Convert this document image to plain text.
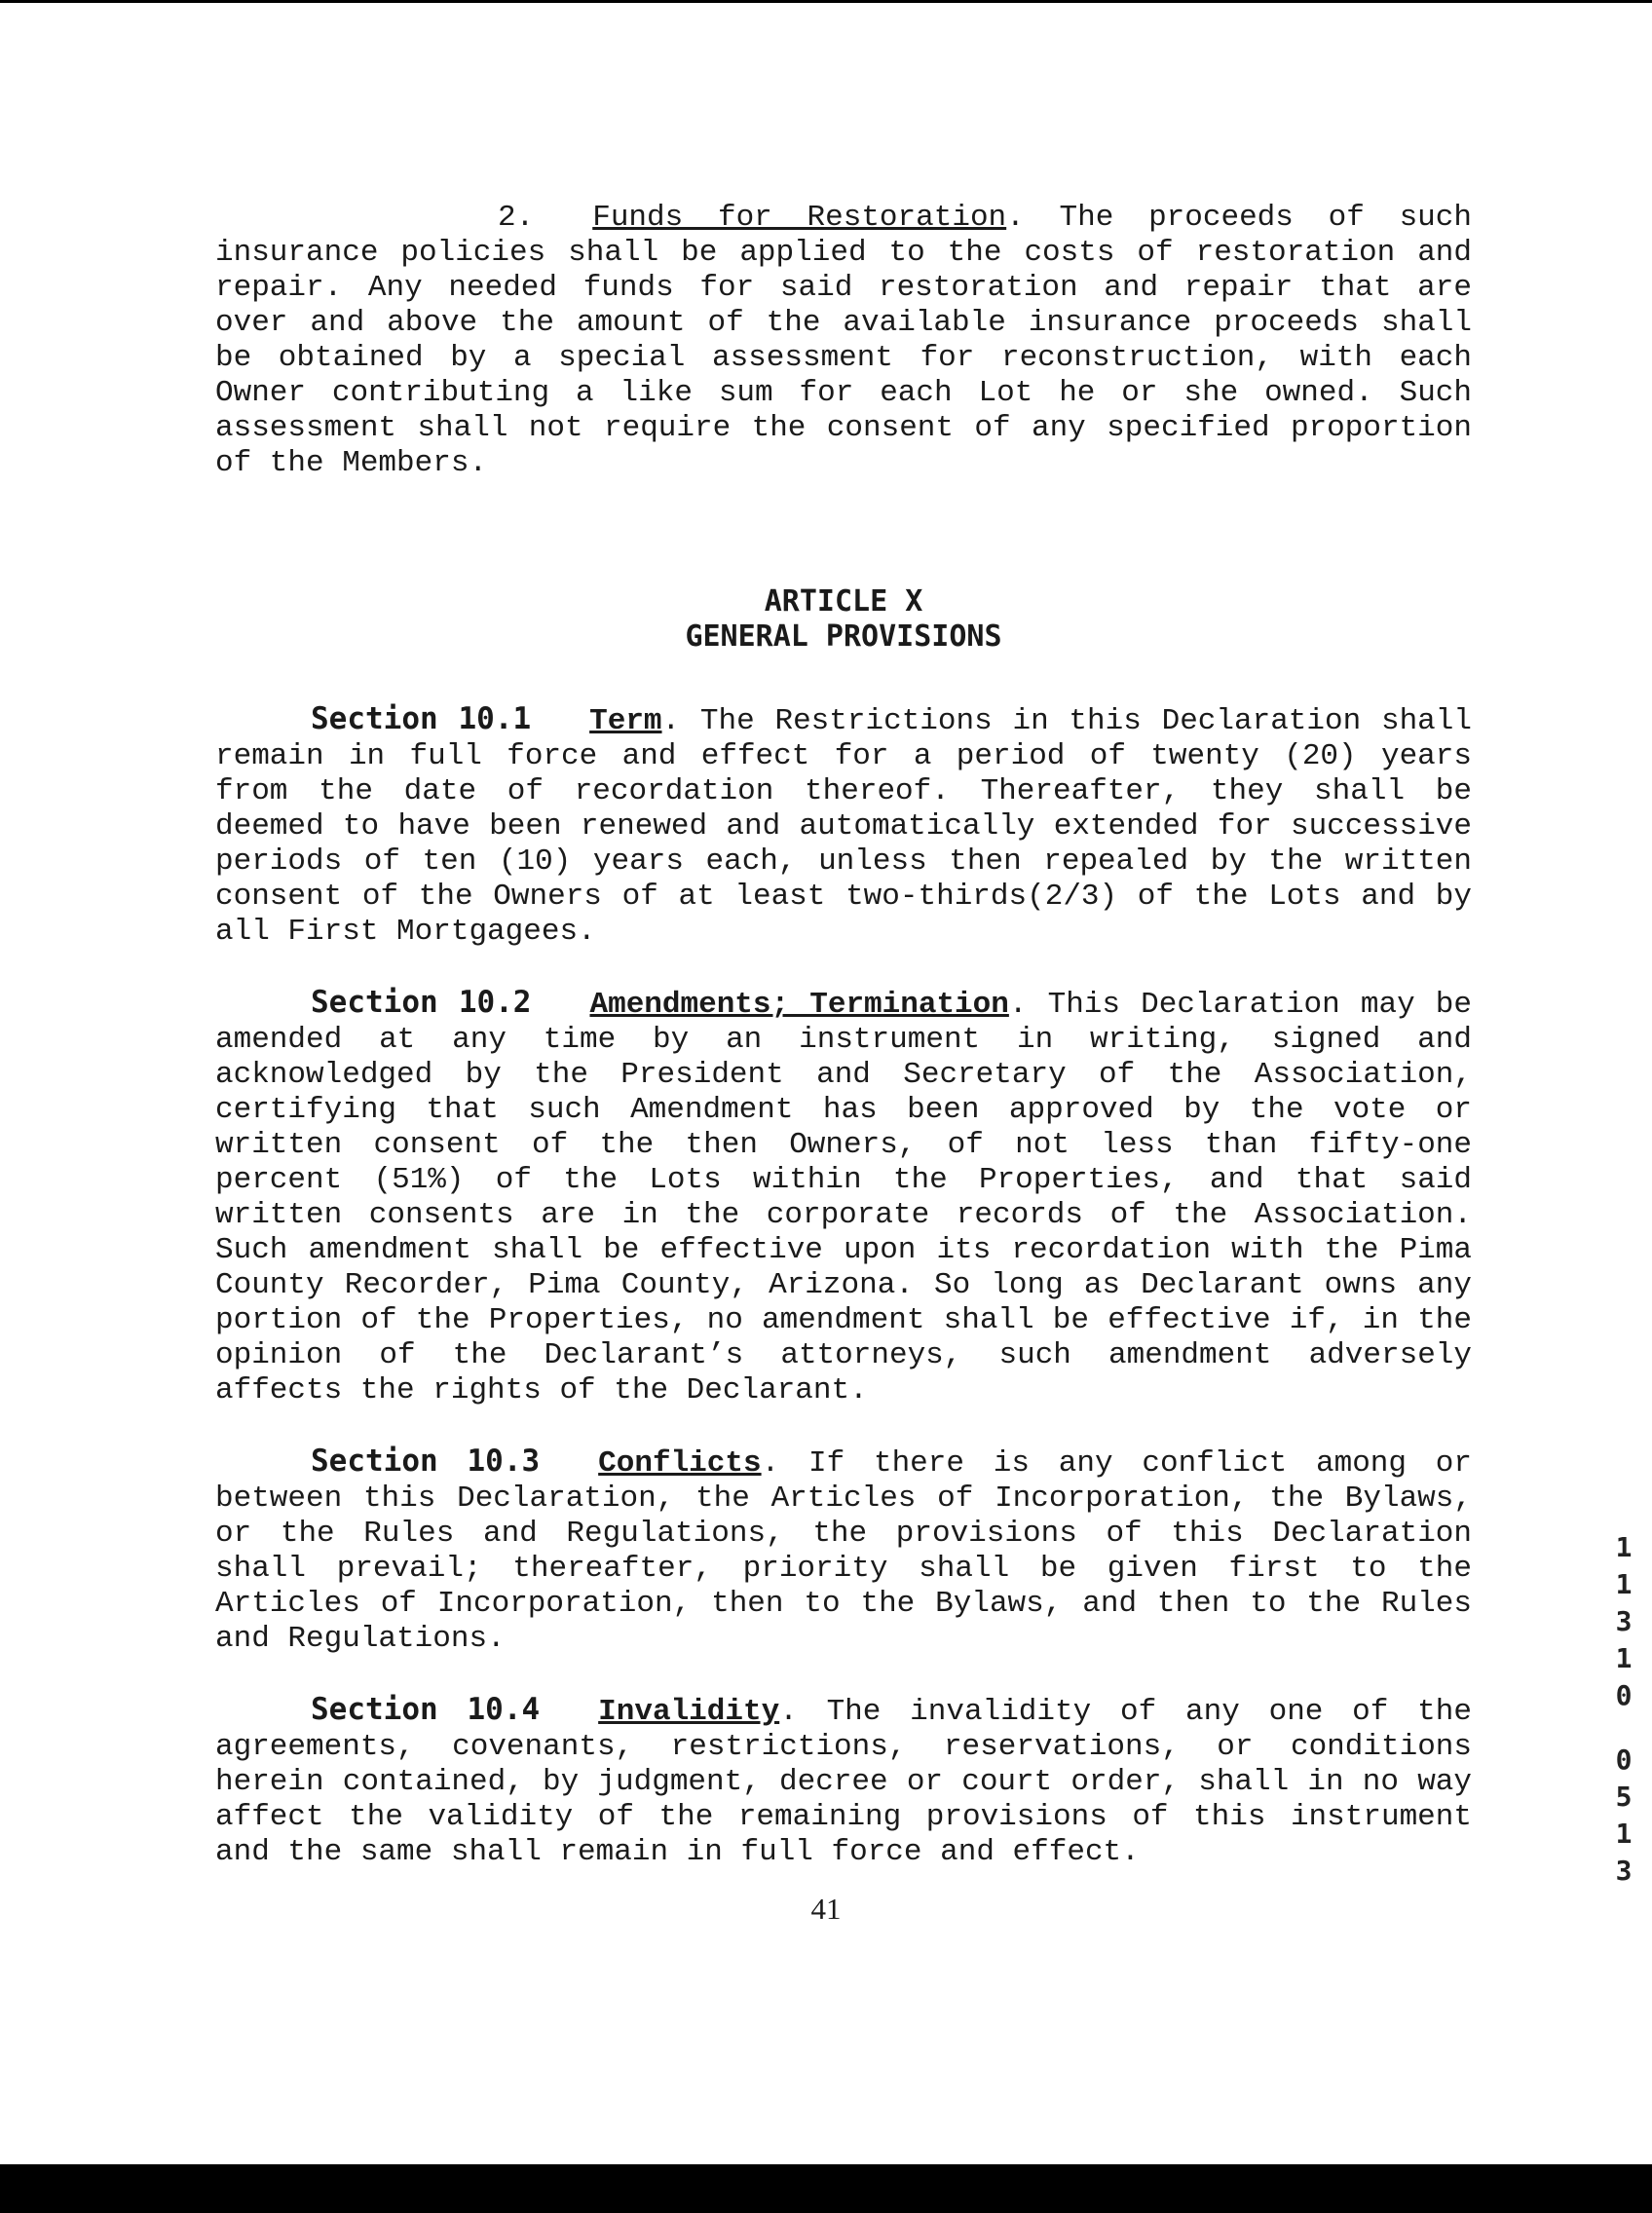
2. Funds for Restoration. The proceeds of such insurance policies shall be applied to the costs of restoration and repair. Any needed funds for said restoration and repair that are over and above the amount of the available insurance proceeds shall be obtained by a special assessment for reconstruction, with each Owner contributing a like sum for each Lot he or she owned. Such assessment shall not require the consent of any specified proportion of the Members.

ARTICLE X

GENERAL PROVISIONS

Section 10.1 Term. The Restrictions in this Declaration shall remain in full force and effect for a period of twenty (20) years from the date of recordation thereof. Thereafter, they shall be deemed to have been renewed and automatically extended for successive periods of ten (10) years each, unless then repealed by the written consent of the Owners of at least two-thirds(2/3) of the Lots and by all First Mortgagees.

Section 10.2 Amendments; Termination. This Declaration may be amended at any time by an instrument in writing, signed and acknowledged by the President and Secretary of the Association, certifying that such Amendment has been approved by the vote or written consent of the then Owners, of not less than fifty-one percent (51%) of the Lots within the Properties, and that said written consents are in the corporate records of the Association. Such amendment shall be effective upon its recordation with the Pima County Recorder, Pima County, Arizona. So long as Declarant owns any portion of the Properties, no amendment shall be effective if, in the opinion of the Declarant’s attorneys, such amendment adversely affects the rights of the Declarant.

Section 10.3 Conflicts. If there is any conflict among or between this Declaration, the Articles of Incorporation, the Bylaws, or the Rules and Regulations, the provisions of this Declaration shall prevail; thereafter, priority shall be given first to the Articles of Incorporation, then to the Bylaws, and then to the Rules and Regulations.

Section 10.4 Invalidity. The invalidity of any one of the agreements, covenants, restrictions, reservations, or conditions herein contained, by judgment, decree or court order, shall in no way affect the validity of the remaining provisions of this instrument and the same shall remain in full force and effect.

1
1
3
1
0
0
5
1
3
41
